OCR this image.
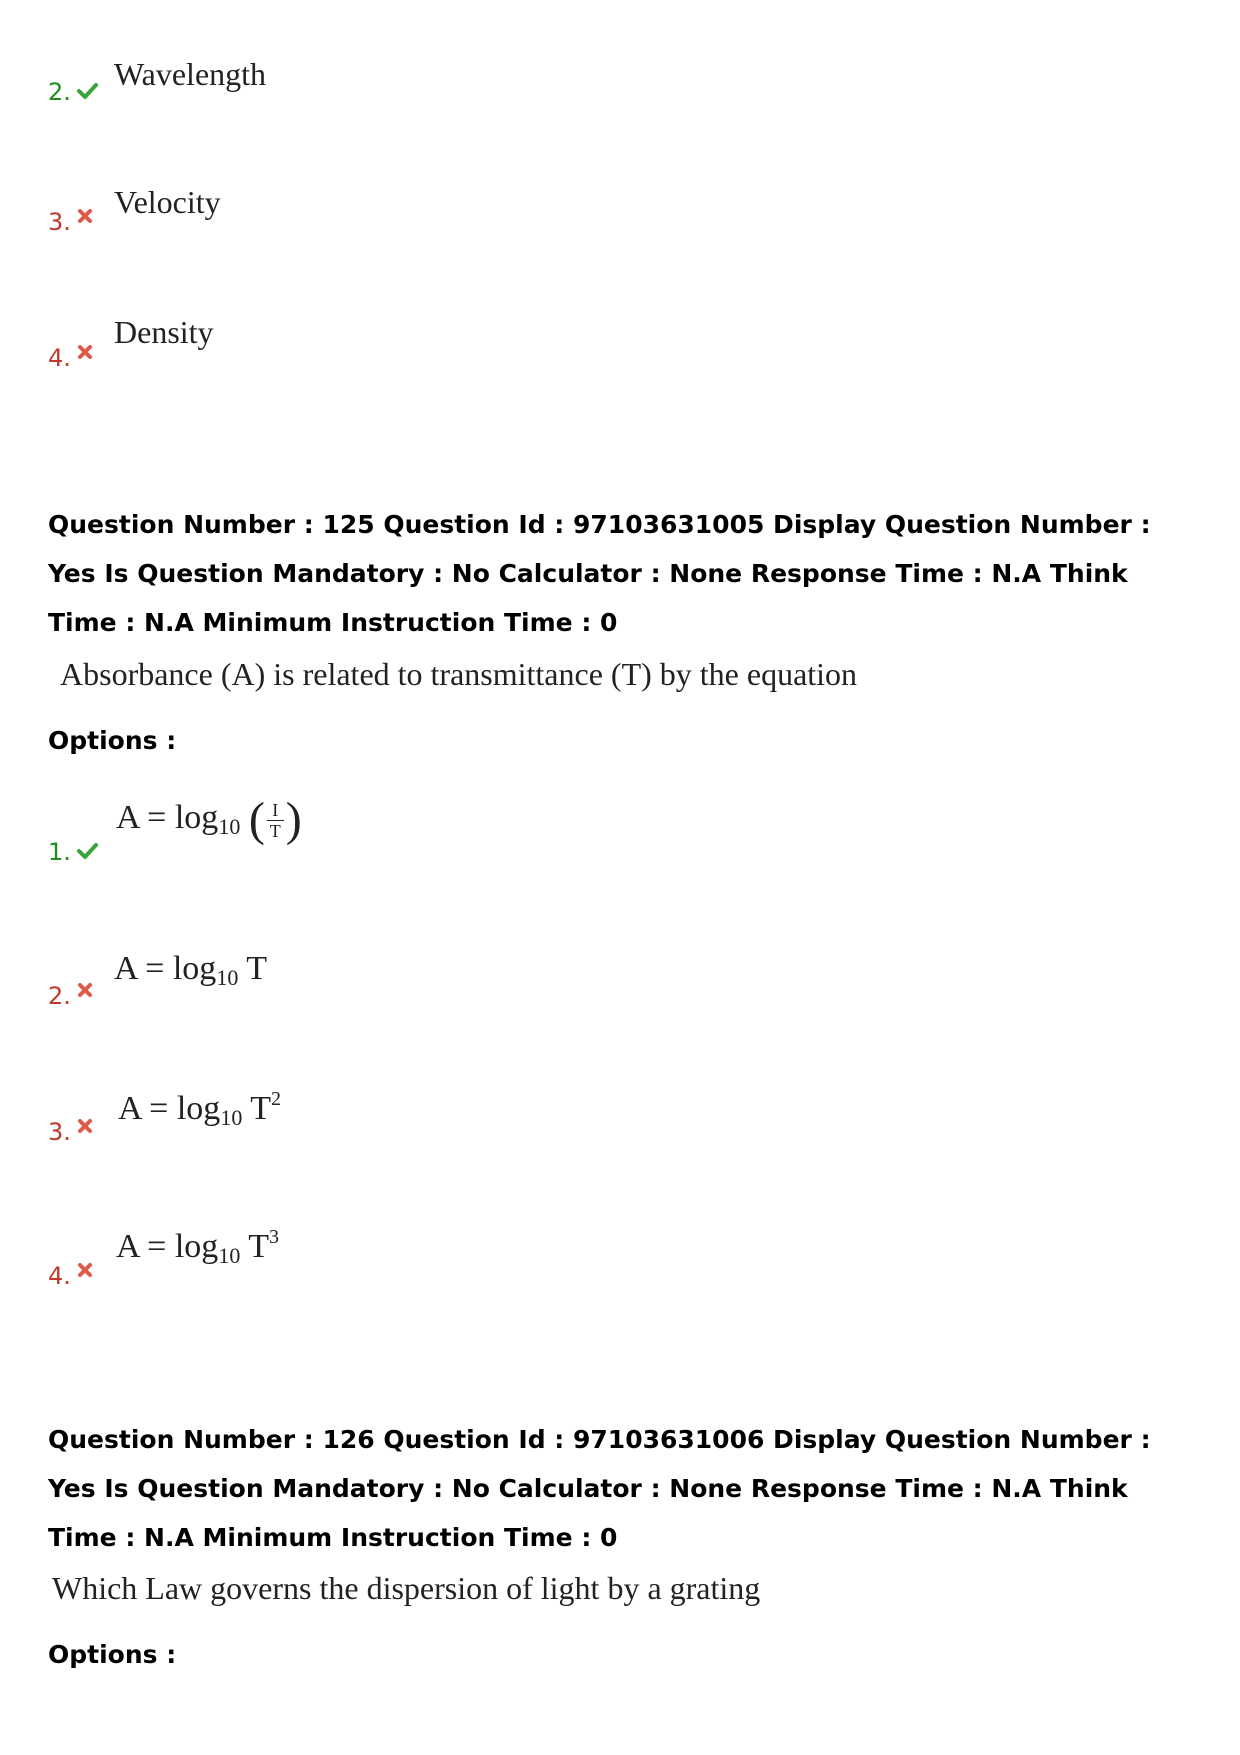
2. Wavelength
3.
Velocity
4.
Density
Question Number : 125 Question Id : 97103631005 Display Question Number : Yes Is Question Mandatory : No Calculator : None Response Time : N.A Think Time : N.A Minimum Instruction Time : 0
Absorbance (A) is related to transmittance (T) by the equation
Options :
1.
$A = \log_{10}$ ( $\frac{I}{T}$ )
2.
$A = \log_{10} T$
3.
$A = \log_{10} T^2$
4.
$A = \log_{10} T^3$
Question Number : 126 Question Id : 97103631006 Display Question Number : Yes Is Question Mandatory : No Calculator : None Response Time : N.A Think Time : N.A Minimum Instruction Time : 0
Which Law governs the dispersion of light by a grating
Options :
